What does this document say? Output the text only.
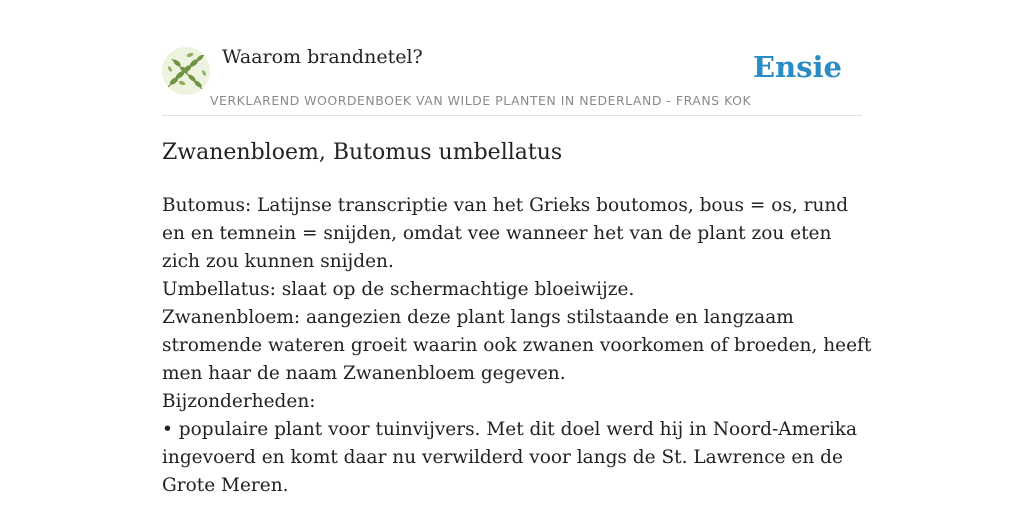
Waarom brandnetel?
VERKLAREND WOORDENBOEK VAN WILDE PLANTEN IN NEDERLAND - FRANS KOK
Ensie
Zwanenbloem, Butomus umbellatus

Butomus: Latijnse transcriptie van het Grieks boutomos, bous = os, rund en en temnein = snijden, omdat vee wanneer het van de plant zou eten zich zou kunnen snijden.

Umbellatus: slaat op de schermachtige bloeiwijze.

Zwanenbloem: aangezien deze plant langs stilstaande en langzaam stromende wateren groeit waarin ook zwanen voorkomen of broeden, heeft men haar de naam Zwanenbloem gegeven.

Bijzonderheden:

• populaire plant voor tuinvijvers. Met dit doel werd hij in Noord-Amerika ingevoerd en komt daar nu verwilderd voor langs de St. Lawrence en de Grote Meren.
